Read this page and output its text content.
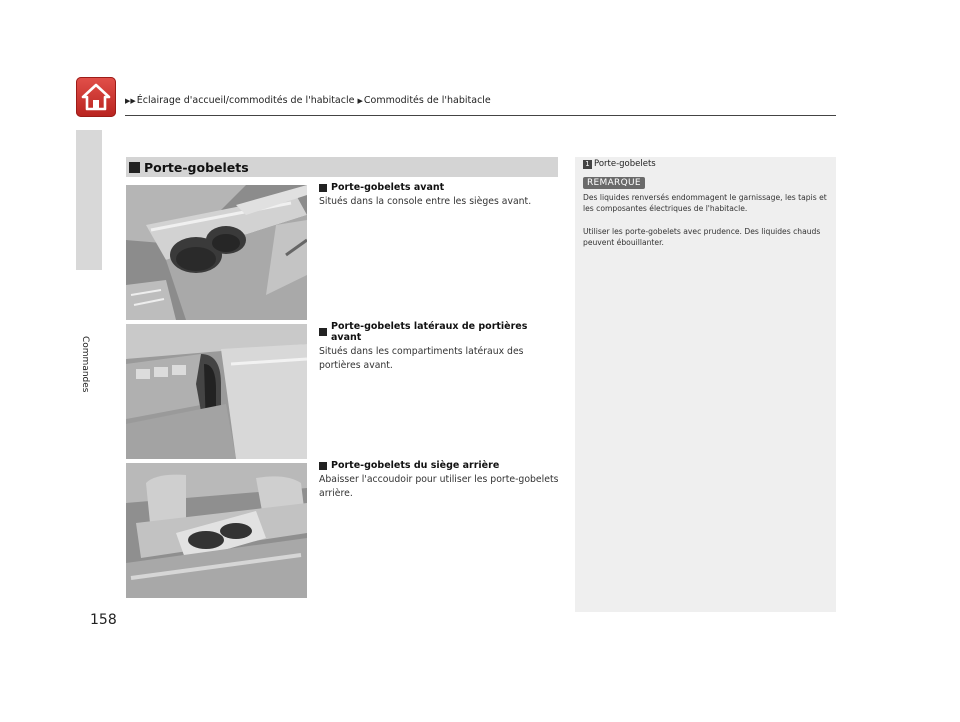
▶▶Éclairage d'accueil/commodités de l'habitacle ▶Commodités de l'habitacle
Commandes
158
Porte-gobelets
Porte-gobelets avant
Situés dans la console entre les sièges avant.
Porte-gobelets latéraux de portières avant
Situés dans les compartiments latéraux des portières avant.
Porte-gobelets du siège arrière
Abaisser l'accoudoir pour utiliser les porte-gobelets arrière.
1 Porte-gobelets
REMARQUE
Des liquides renversés endommagent le garnissage, les tapis et les composantes électriques de l'habitacle.
Utiliser les porte-gobelets avec prudence. Des liquides chauds peuvent ébouillanter.
